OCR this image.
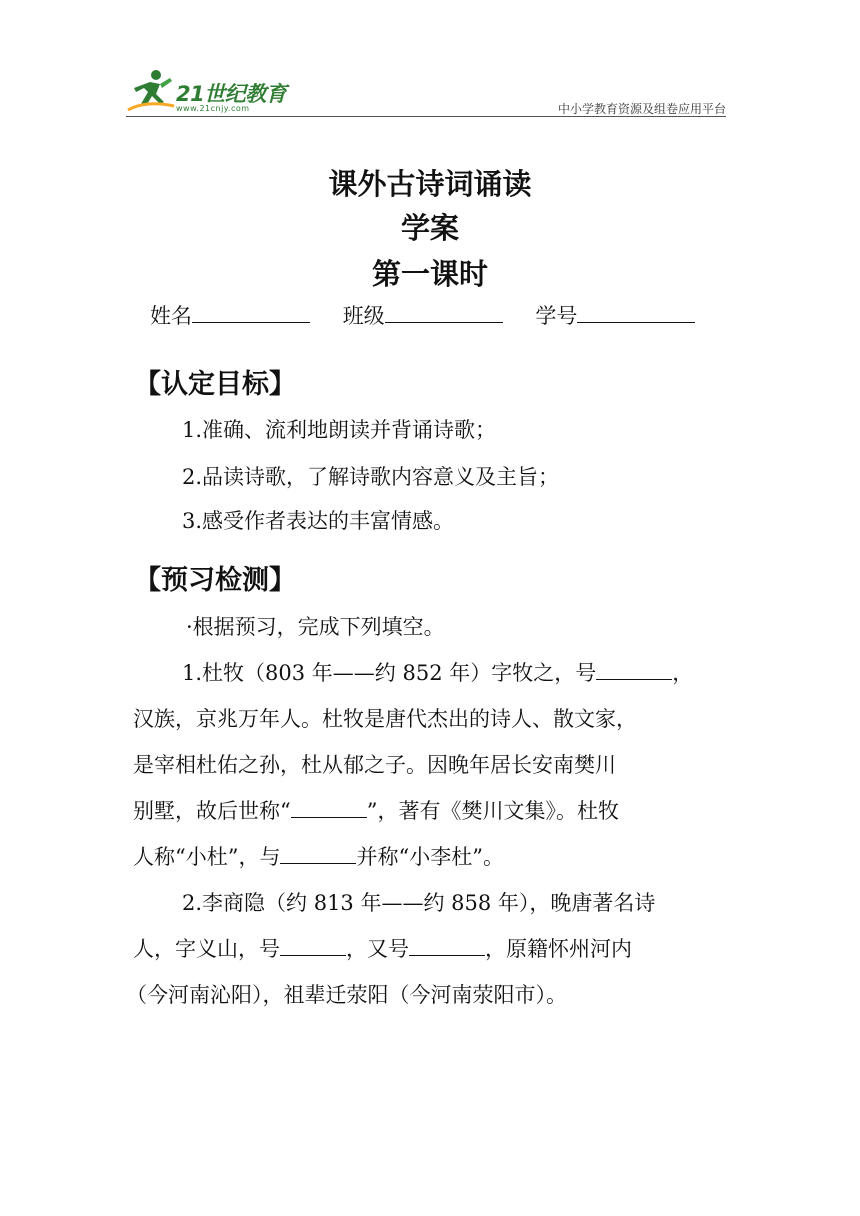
21世纪教育
www.21cnjy.com	中小学教育资源及组卷应用平台
课外古诗词诵读
学案
第一课时
姓名	班级	学号
【认定目标】
1.准确、流利地朗读并背诵诗歌；
2.品读诗歌，了解诗歌内容意义及主旨；
3.感受作者表达的丰富情感。
【预习检测】
·根据预习，完成下列填空。
1.杜牧（803 年——约 852 年）字牧之，号	，
汉族，京兆万年人。杜牧是唐代杰出的诗人、散文家，
是宰相杜佑之孙，杜从郁之子。因晚年居长安南樊川
别墅，故后世称“	”，著有《樊川文集》。杜牧
人称“小杜”，与	并称“小李杜”。
2.李商隐（约 813 年——约 858 年），晚唐著名诗
人，字义山，号	，又号	，原籍怀州河内
（今河南沁阳），祖辈迁荥阳（今河南荥阳市）。
